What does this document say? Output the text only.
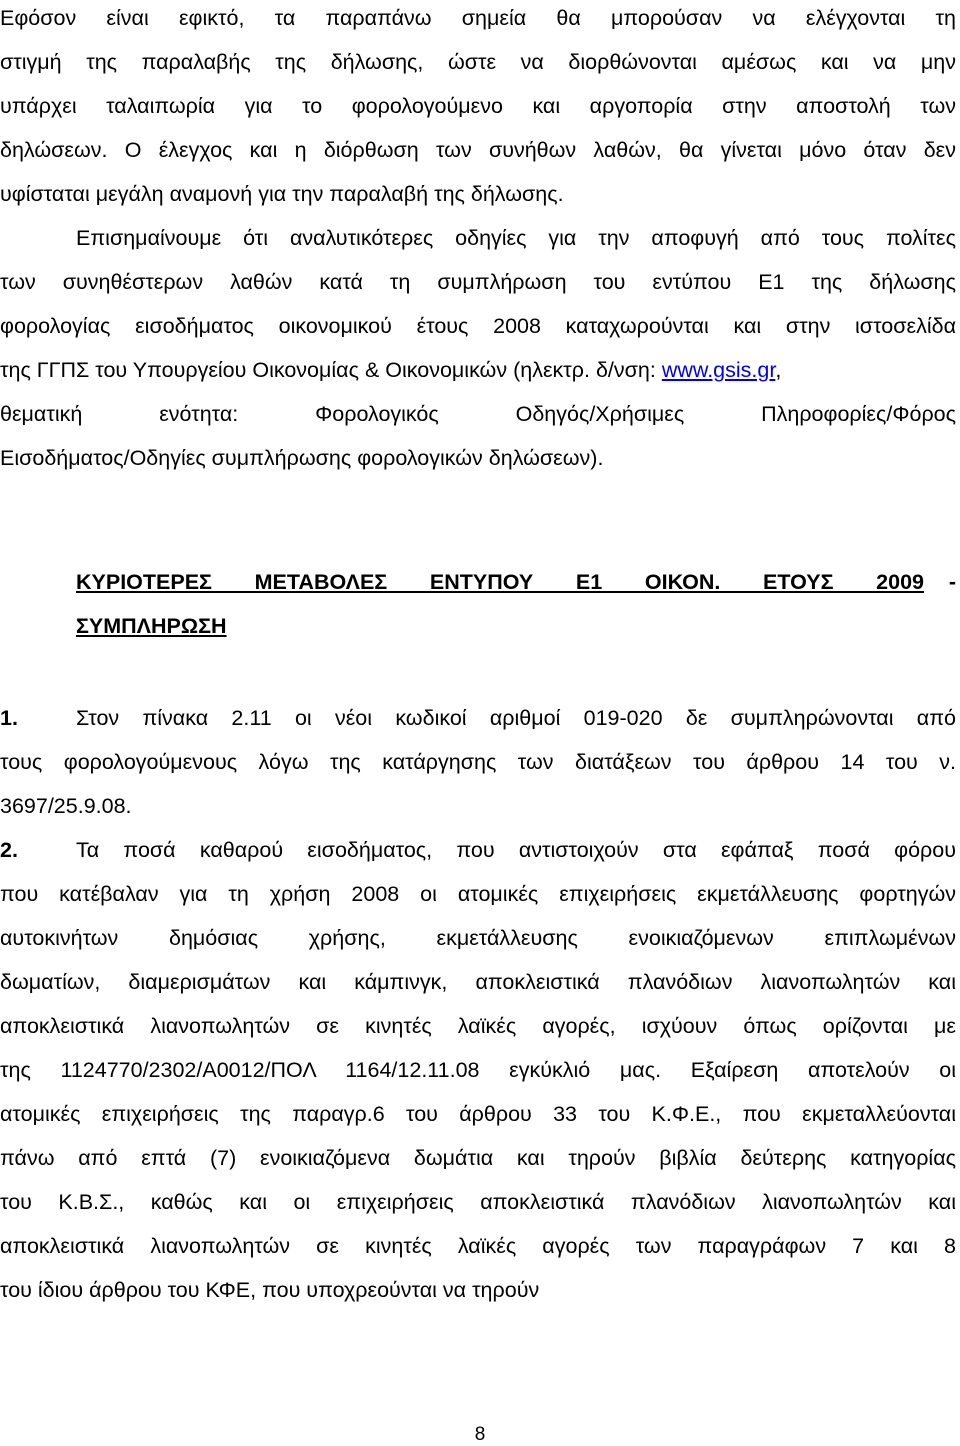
Εφόσον είναι εφικτό, τα παραπάνω σημεία θα μπορούσαν να ελέγχονται τη
στιγμή της παραλαβής της δήλωσης, ώστε να διορθώνονται αμέσως και να μην
υπάρχει ταλαιπωρία για το φορολογούμενο και αργοπορία στην αποστολή των
δηλώσεων. Ο έλεγχος και η διόρθωση των συνήθων λαθών, θα γίνεται μόνο όταν δεν
υφίσταται μεγάλη αναμονή για την παραλαβή της δήλωσης.
Επισημαίνουμε ότι αναλυτικότερες οδηγίες για την αποφυγή από τους πολίτες
των συνηθέστερων λαθών κατά τη συμπλήρωση του εντύπου Ε1 της δήλωσης
φορολογίας εισοδήματος οικονομικού έτους 2008 καταχωρούνται και στην ιστοσελίδα
της ΓΓΠΣ του Υπουργείου Οικονομίας & Οικονομικών (ηλεκτρ. δ/νση: www.gsis.gr,
θεματική ενότητα: Φορολογικός Οδηγός/Χρήσιμες Πληροφορίες/Φόρος
Εισοδήματος/Οδηγίες συμπλήρωσης φορολογικών δηλώσεων).
ΚΥΡΙΟΤΕΡΕΣ ΜΕΤΑΒΟΛΕΣ ΕΝΤΥΠΟΥ Ε1 ΟΙΚΟΝ. ΕΤΟΥΣ 2009 -
ΣΥΜΠΛΗΡΩΣΗ
1.	Στον πίνακα 2.11 οι νέοι κωδικοί αριθμοί 019-020 δε συμπληρώνονται από
τους φορολογούμενους λόγω της κατάργησης των διατάξεων του άρθρου 14 του ν.
3697/25.9.08.
2.	Τα ποσά καθαρού εισοδήματος, που αντιστοιχούν στα εφάπαξ ποσά φόρου
που κατέβαλαν για τη χρήση 2008 οι ατομικές επιχειρήσεις εκμετάλλευσης φορτηγών
αυτοκινήτων δημόσιας χρήσης, εκμετάλλευσης ενοικιαζόμενων επιπλωμένων
δωματίων, διαμερισμάτων και κάμπινγκ, αποκλειστικά πλανόδιων λιανοπωλητών και
αποκλειστικά λιανοπωλητών σε κινητές λαϊκές αγορές, ισχύουν όπως ορίζονται με
της 1124770/2302/Α0012/ΠΟΛ 1164/12.11.08 εγκύκλιό μας. Εξαίρεση αποτελούν οι
ατομικές επιχειρήσεις της παραγρ.6 του άρθρου 33 του Κ.Φ.Ε., που εκμεταλλεύονται
πάνω από επτά (7) ενοικιαζόμενα δωμάτια και τηρούν βιβλία δεύτερης κατηγορίας
του Κ.Β.Σ., καθώς και οι επιχειρήσεις αποκλειστικά πλανόδιων λιανοπωλητών και
αποκλειστικά λιανοπωλητών σε κινητές λαϊκές αγορές των παραγράφων 7 και 8
του ίδιου άρθρου του ΚΦΕ, που υποχρεούνται να τηρούν
8
